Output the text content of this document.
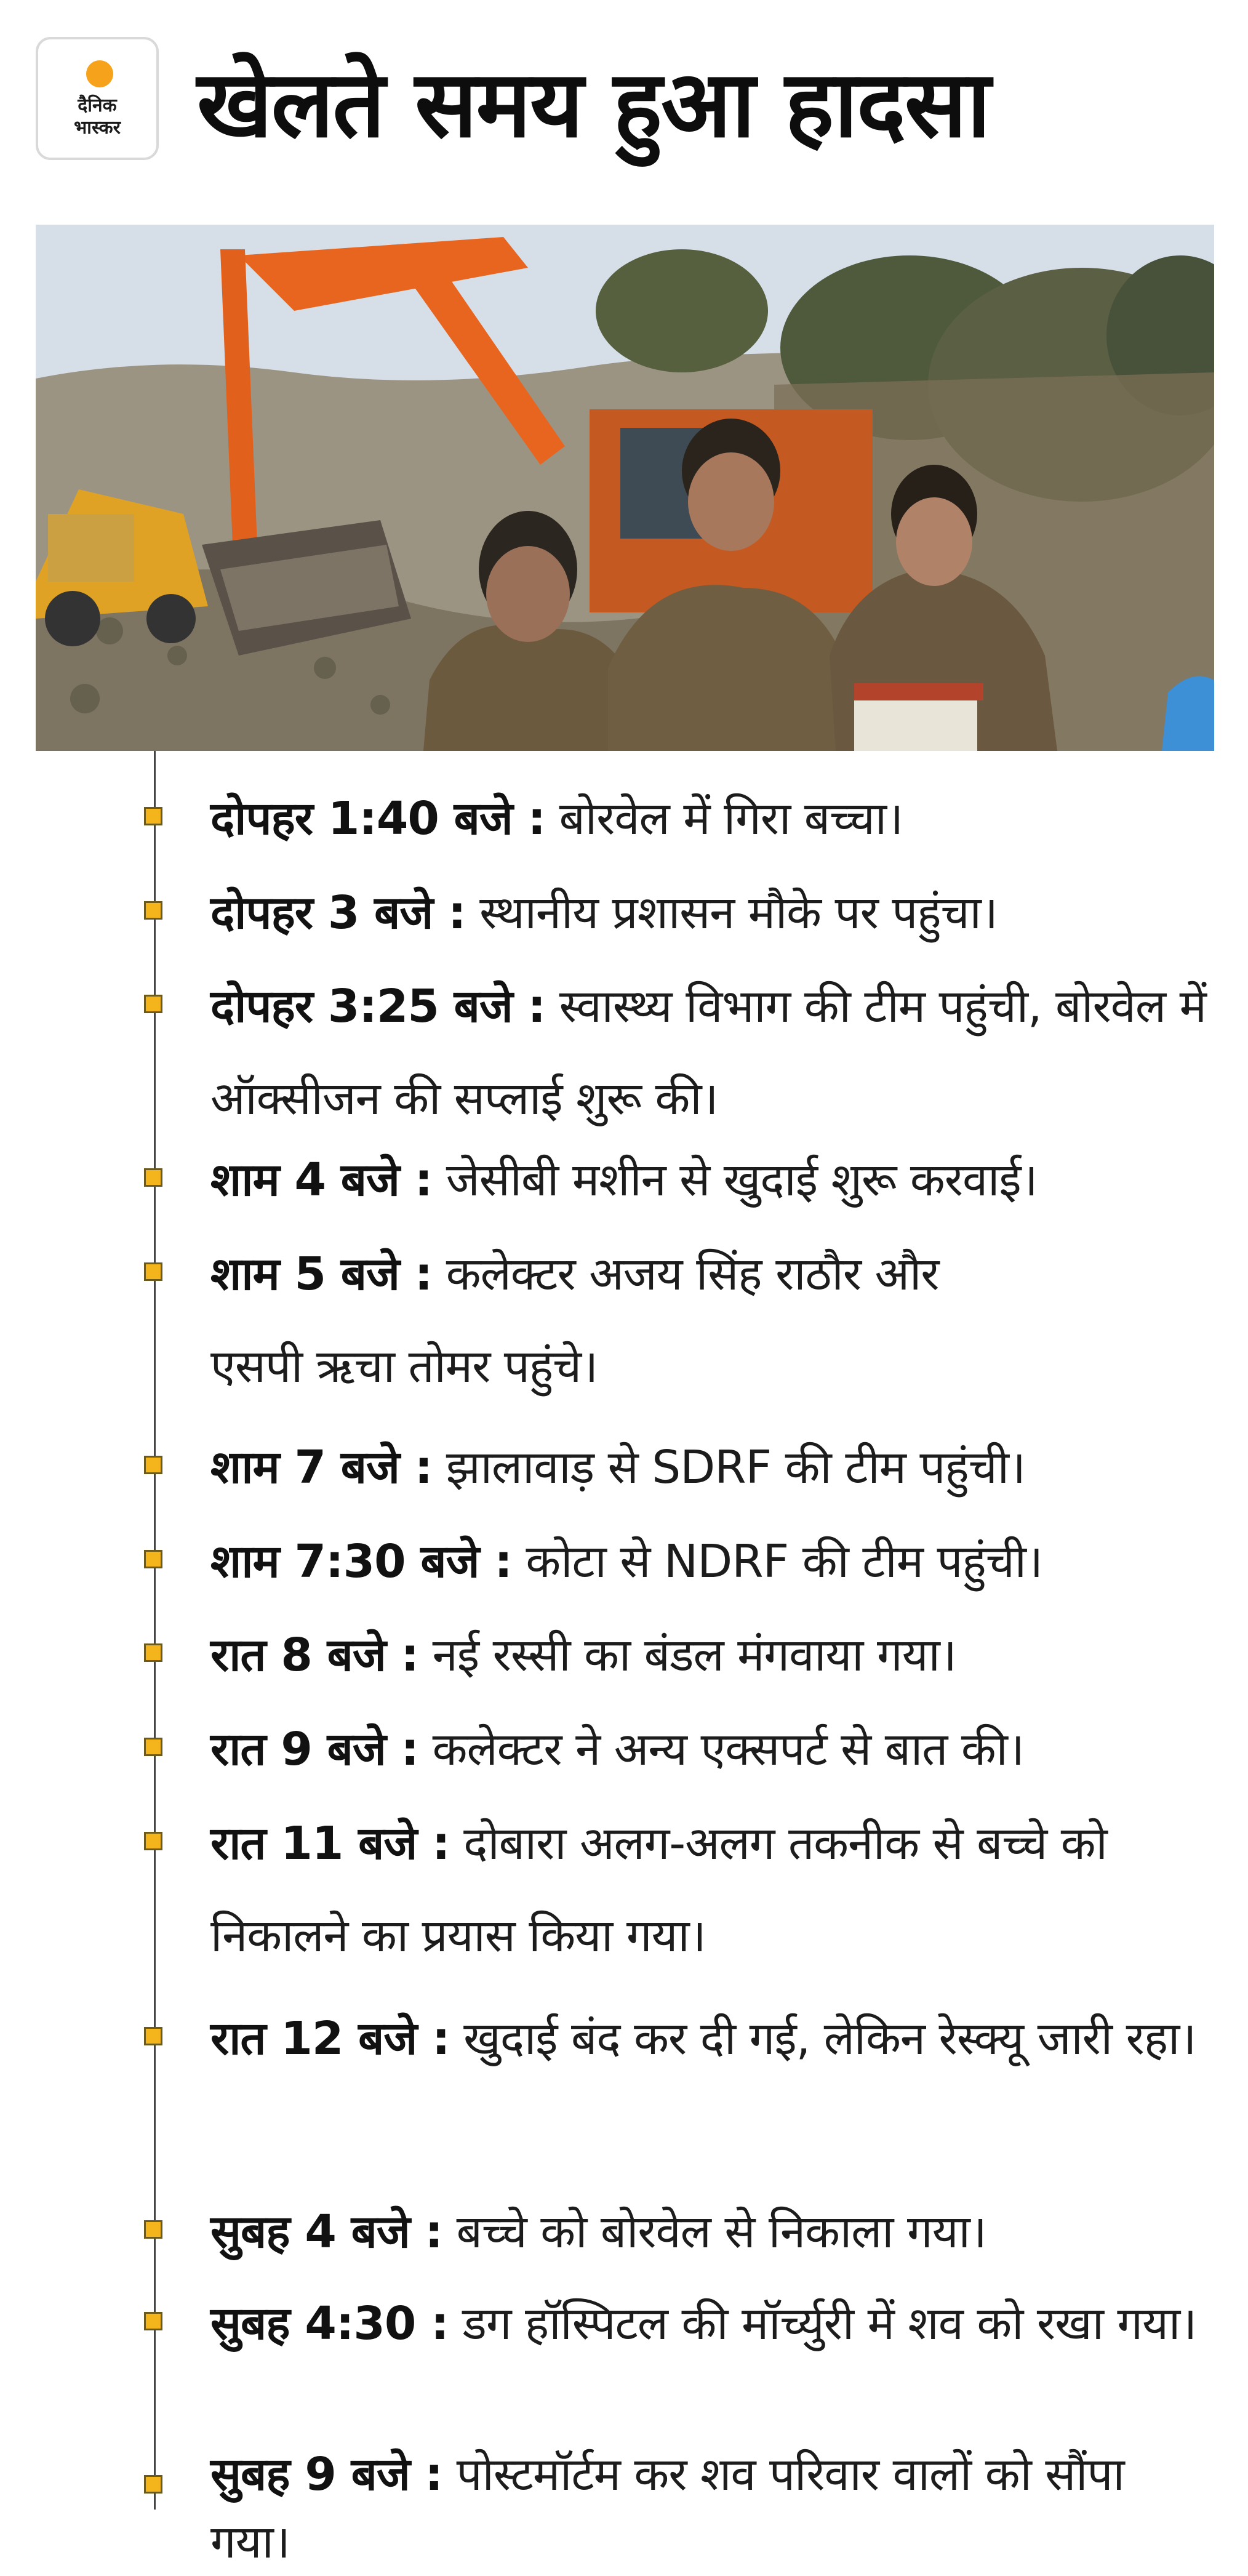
दैनिक
भास्कर खेलते समय हुआ हादसा
दोपहर 1:40 बजे : बोरवेल में गिरा बच्चा।
दोपहर 3 बजे : स्थानीय प्रशासन मौके पर पहुंचा।
दोपहर 3:25 बजे : स्वास्थ्य विभाग की टीम पहुंची, बोरवेल में ऑक्सीजन की सप्लाई शुरू की।
शाम 4 बजे : जेसीबी मशीन से खुदाई शुरू करवाई।
शाम 5 बजे : कलेक्टर अजय सिंह राठौर और एसपी ऋचा तोमर पहुंचे।
शाम 7 बजे : झालावाड़ से SDRF की टीम पहुंची।
शाम 7:30 बजे : कोटा से NDRF की टीम पहुंची।
रात 8 बजे : नई रस्सी का बंडल मंगवाया गया।
रात 9 बजे : कलेक्टर ने अन्य एक्सपर्ट से बात की।
रात 11 बजे : दोबारा अलग-अलग तकनीक से बच्चे को निकालने का प्रयास किया गया।
रात 12 बजे : खुदाई बंद कर दी गई, लेकिन रेस्क्यू जारी रहा।
सुबह 4 बजे : बच्चे को बोरवेल से निकाला गया।
सुबह 4:30 : डग हॉस्पिटल की मॉर्च्युरी में शव को रखा गया।
सुबह 9 बजे : पोस्टमॉर्टम कर शव परिवार वालों को सौंपा गया।
